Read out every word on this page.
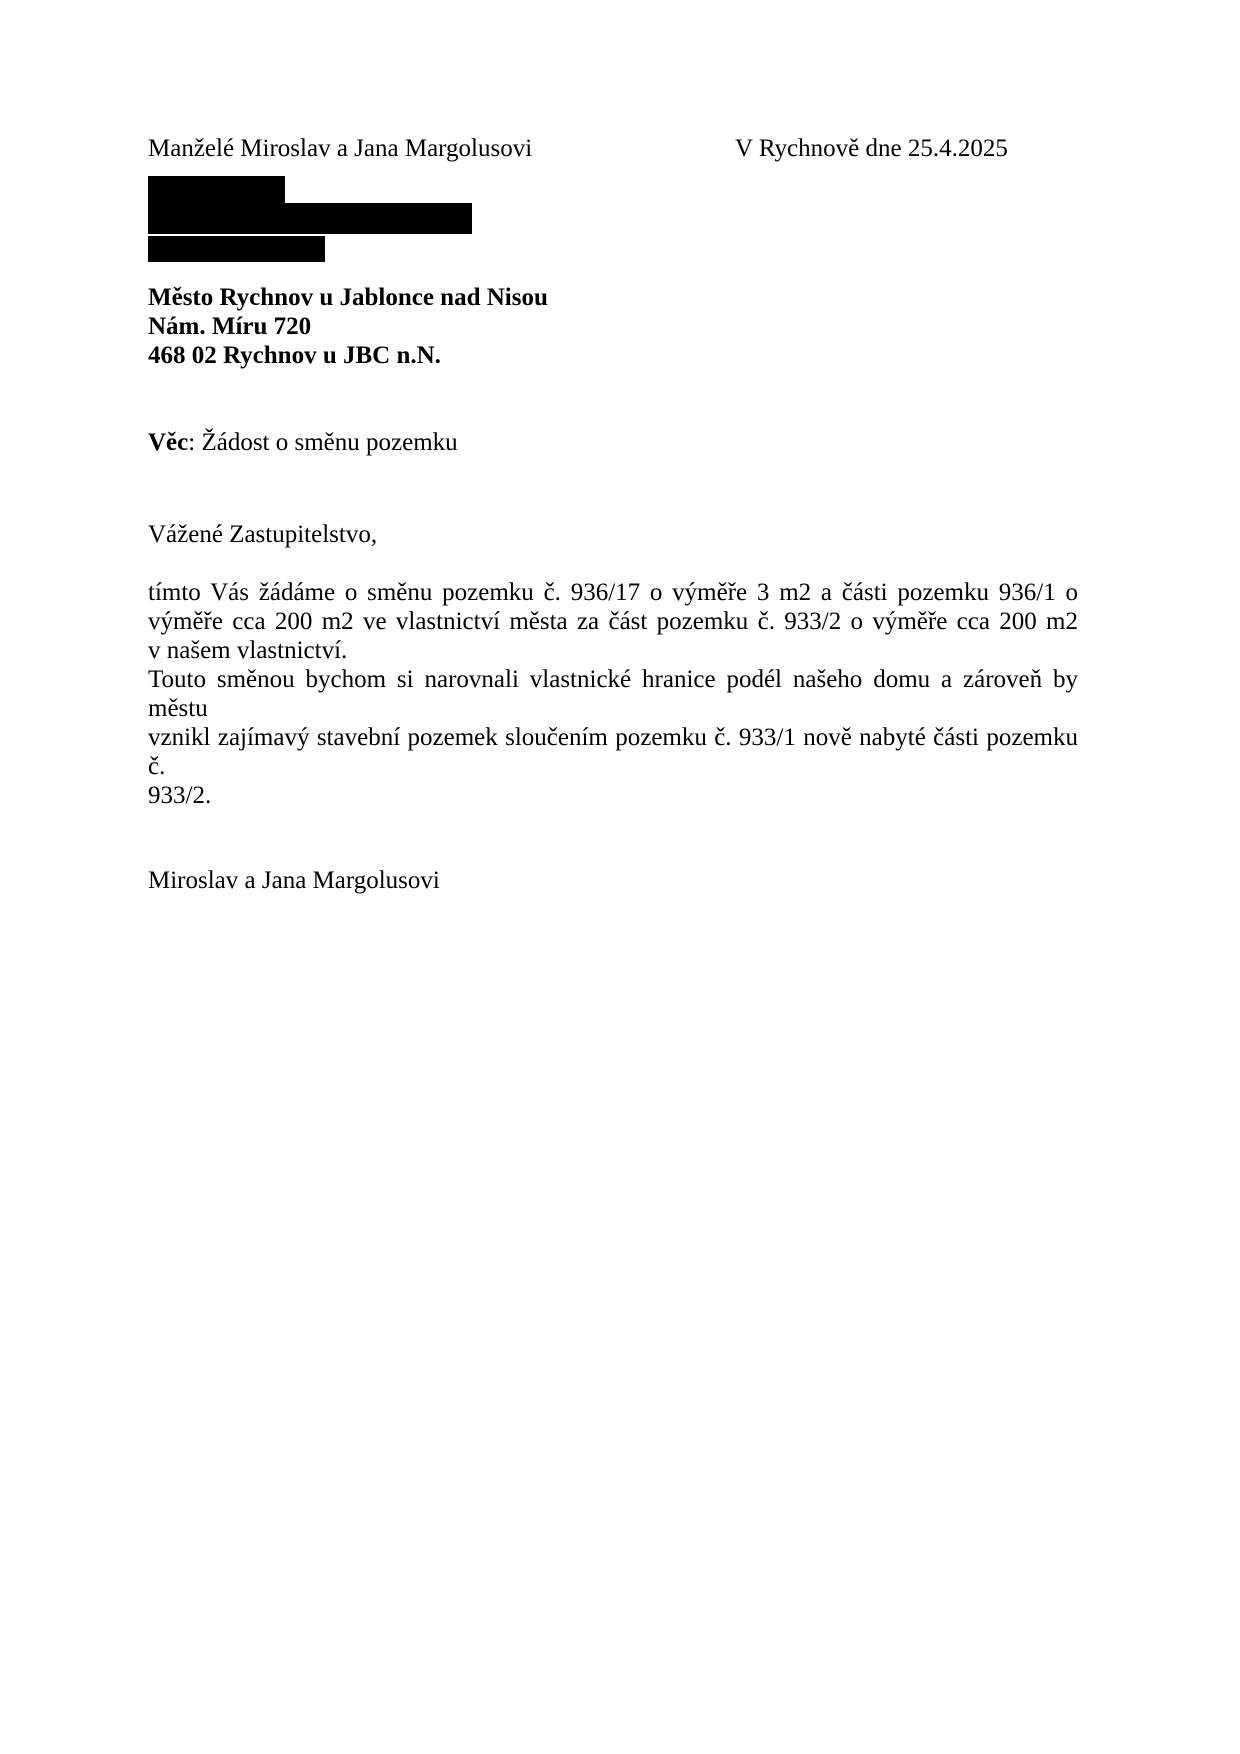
Manželé Miroslav a Jana Margolusovi	V Rychnově dne 25.4.2025
Město Rychnov u Jablonce nad Nisou
Nám. Míru 720
468 02 Rychnov u JBC n.N.
Věc: Žádost o směnu pozemku
Vážené Zastupitelstvo,
tímto Vás žádáme o směnu pozemku č. 936/17 o výměře 3 m2 a části pozemku 936/1 o
výměře cca 200 m2 ve vlastnictví města za část pozemku č. 933/2 o výměře cca 200 m2
v našem vlastnictví.
Touto směnou bychom si narovnali vlastnické hranice podél našeho domu a zároveň by městu
vznikl zajímavý stavební pozemek sloučením pozemku č. 933/1 nově nabyté části pozemku č.
933/2.
Miroslav a Jana Margolusovi
